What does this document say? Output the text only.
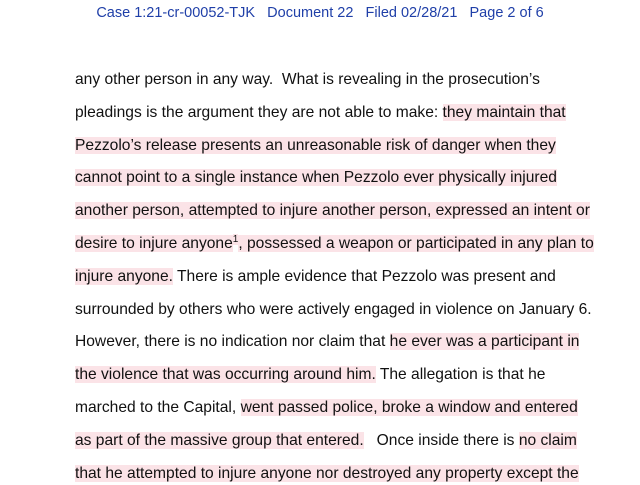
Case 1:21-cr-00052-TJK Document 22 Filed 02/28/21 Page 2 of 6
any other person in any way.  What is revealing in the prosecution’s
pleadings is the argument they are not able to make: they maintain that
Pezzolo’s release presents an unreasonable risk of danger when they
cannot point to a single instance when Pezzolo ever physically injured
another person, attempted to injure another person, expressed an intent or
desire to injure anyone$^1$, possessed a weapon or participated in any plan to
injure anyone. There is ample evidence that Pezzolo was present and
surrounded by others who were actively engaged in violence on January 6.
However, there is no indication nor claim that he ever was a participant in
the violence that was occurring around him. The allegation is that he
marched to the Capital, went passed police, broke a window and entered
as part of the massive group that entered.   Once inside there is no claim
that he attempted to injure anyone nor destroyed any property except the
